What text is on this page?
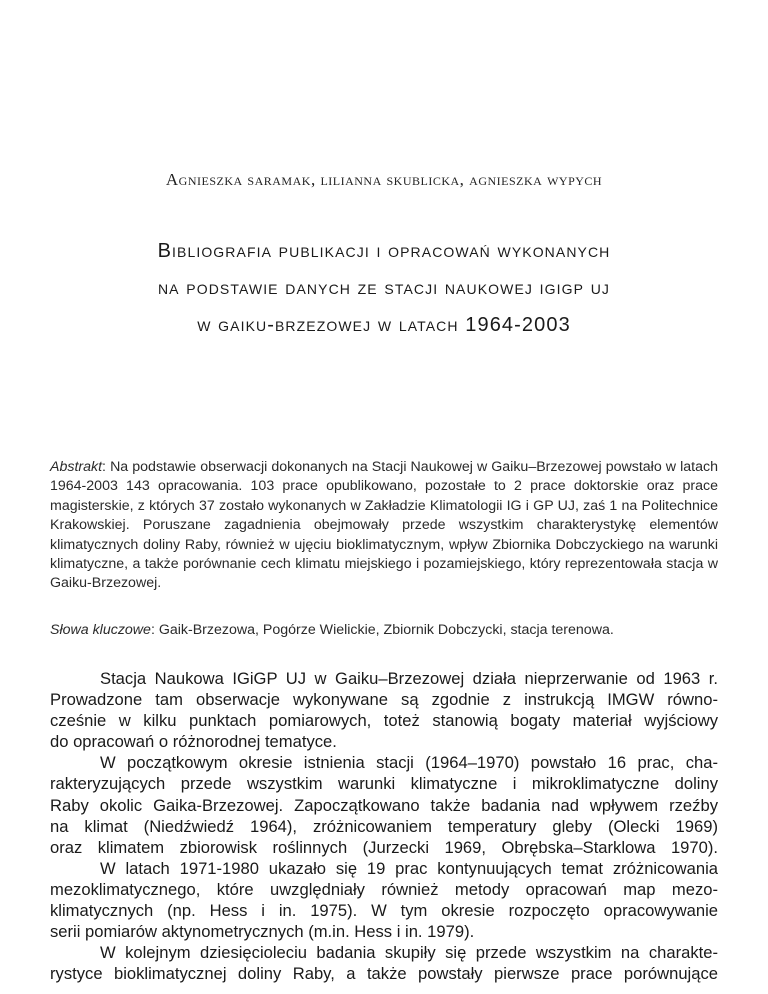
Agnieszka saramak, lilianna skublicka, agnieszka wypych
Bibliografia publikacji i opracowań wykonanych
na podstawie danych ze stacji naukowej igigp uj
w gaiku-brzezowej w latach 1964-2003
Abstrakt: Na podstawie obserwacji dokonanych na Stacji Naukowej w Gaiku–Brzezowej powstało w latach 1964-2003 143 opracowania. 103 prace opublikowano, pozostałe to 2 prace doktorskie oraz prace magisterskie, z których 37 zostało wykonanych w Zakładzie Klimatologii IG i GP UJ, zaś 1 na Politechnice Krakowskiej. Poruszane zagadnienia obejmowały przede wszystkim charakterystykę elementów klimatycznych doliny Raby, również w ujęciu bioklimatycznym, wpływ Zbiornika Dobczyckiego na warunki klimatyczne, a także porównanie cech klimatu miejskiego i pozamiejskiego, który reprezentowała stacja w Gaiku-Brzezowej.
Słowa kluczowe: Gaik-Brzezowa, Pogórze Wielickie, Zbiornik Dobczycki, stacja terenowa.
Stacja Naukowa IGiGP UJ w Gaiku–Brzezowej działa nieprzerwanie od 1963 r.
Prowadzone tam obserwacje wykonywane są zgodnie z instrukcją IMGW równo-
cześnie w kilku punktach pomiarowych, toteż stanowią bogaty materiał wyjściowy
do opracowań o różnorodnej tematyce.
W początkowym okresie istnienia stacji (1964–1970) powstało 16 prac, cha-
rakteryzujących przede wszystkim warunki klimatyczne i mikroklimatyczne doliny
Raby okolic Gaika-Brzezowej. Zapoczątkowano także badania nad wpływem rzeźby
na klimat (Niedźwiedź 1964), zróżnicowaniem temperatury gleby (Olecki 1969)
oraz klimatem zbiorowisk roślinnych (Jurzecki 1969, Obrębska–Starklowa 1970).
W latach 1971-1980 ukazało się 19 prac kontynuujących temat zróżnicowania
mezoklimatycznego, które uwzględniały również metody opracowań map mezo-
klimatycznych (np. Hess i in. 1975). W tym okresie rozpoczęto opracowywanie
serii pomiarów aktynometrycznych (m.in. Hess i in. 1979).
W kolejnym dziesięcioleciu badania skupiły się przede wszystkim na charakte-
rystyce bioklimatycznej doliny Raby, a także powstały pierwsze prace porównujące
